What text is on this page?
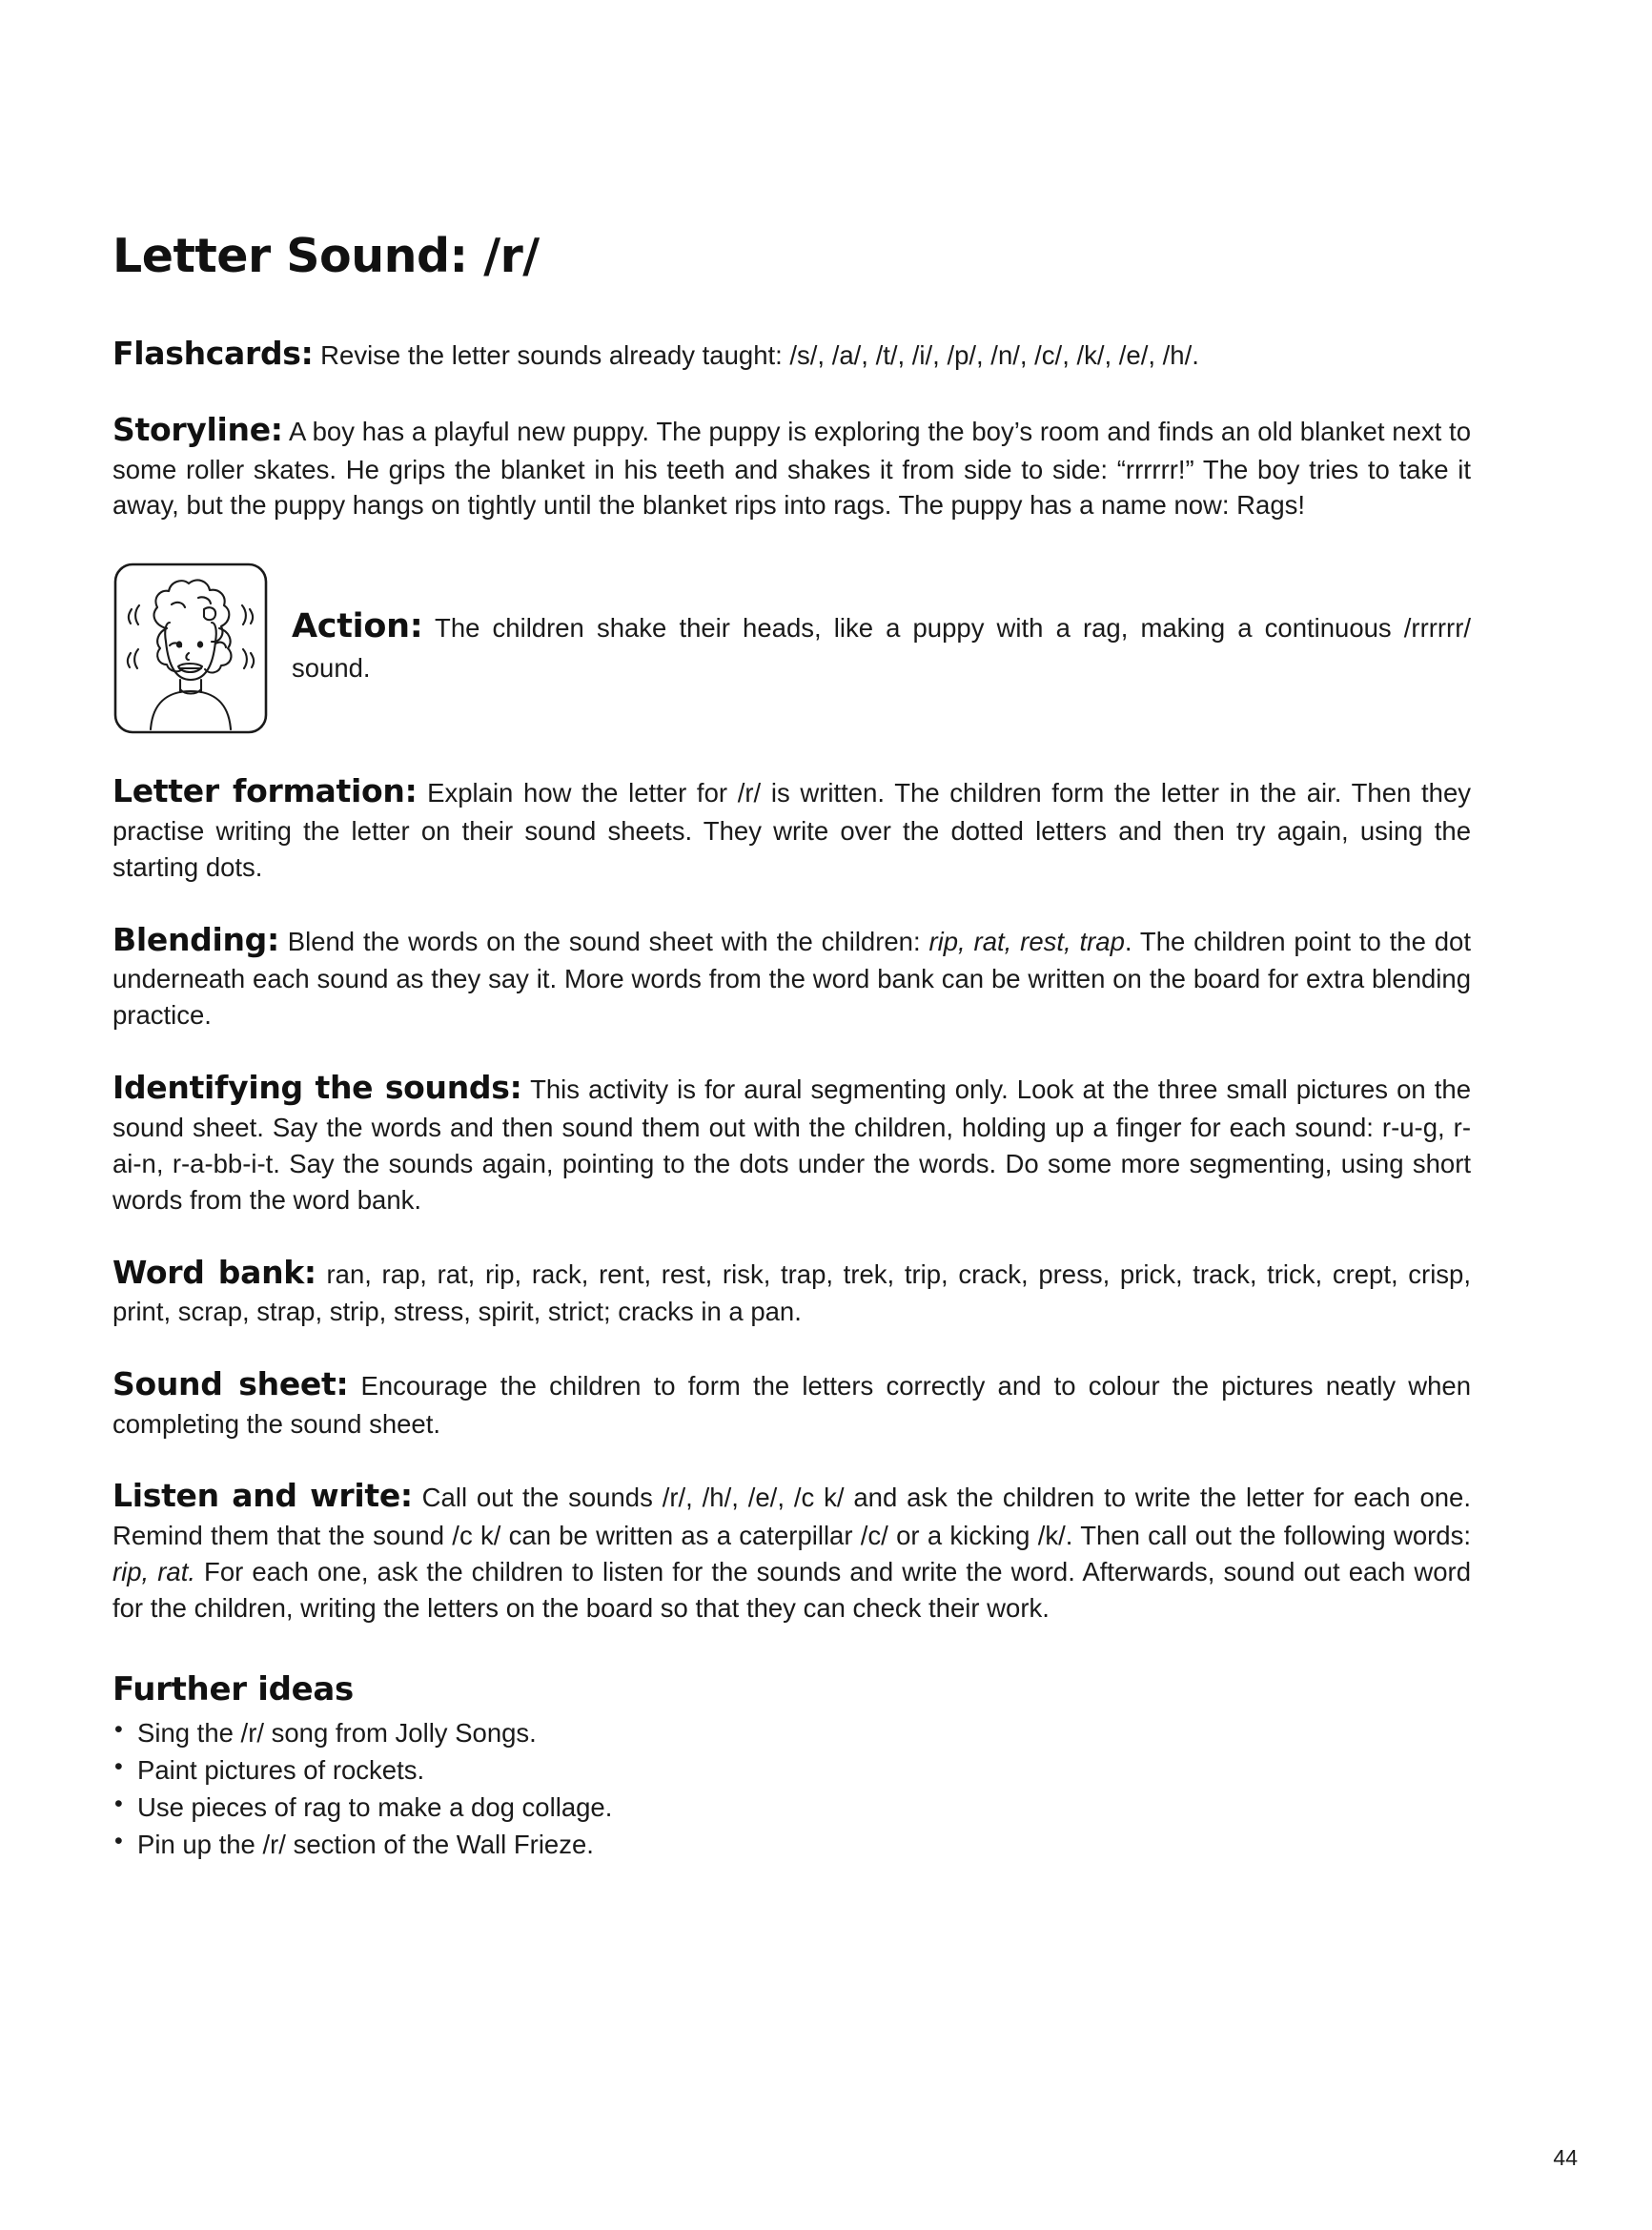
Letter Sound: /r/

Flashcards: Revise the letter sounds already taught: /s/, /a/, /t/, /i/, /p/, /n/, /c/, /k/, /e/, /h/.

Storyline: A boy has a playful new puppy. The puppy is exploring the boy’s room and finds an old blanket next to some roller skates. He grips the blanket in his teeth and shakes it from side to side: “rrrrrr!” The boy tries to take it away, but the puppy hangs on tightly until the blanket rips into rags. The puppy has a name now: Rags!

Action: The children shake their heads, like a puppy with a rag, making a continuous /rrrrrr/ sound.

Letter formation: Explain how the letter for /r/ is written. The children form the letter in the air. Then they practise writing the letter on their sound sheets. They write over the dotted letters and then try again, using the starting dots.

Blending: Blend the words on the sound sheet with the children: rip, rat, rest, trap. The children point to the dot underneath each sound as they say it. More words from the word bank can be written on the board for extra blending practice.

Identifying the sounds: This activity is for aural segmenting only. Look at the three small pictures on the sound sheet. Say the words and then sound them out with the children, holding up a finger for each sound: r-u-g, r-ai-n, r-a-bb-i-t. Say the sounds again, pointing to the dots under the words. Do some more segmenting, using short words from the word bank.

Word bank: ran, rap, rat, rip, rack, rent, rest, risk, trap, trek, trip, crack, press, prick, track, trick, crept, crisp, print, scrap, strap, strip, stress, spirit, strict; cracks in a pan.

Sound sheet: Encourage the children to form the letters correctly and to colour the pictures neatly when completing the sound sheet.

Listen and write: Call out the sounds /r/, /h/, /e/, /c k/ and ask the children to write the letter for each one. Remind them that the sound /c k/ can be written as a caterpillar /c/ or a kicking /k/. Then call out the following words: rip, rat. For each one, ask the children to listen for the sounds and write the word. Afterwards, sound out each word for the children, writing the letters on the board so that they can check their work.

Further ideas
• Sing the /r/ song from Jolly Songs.
• Paint pictures of rockets.
• Use pieces of rag to make a dog collage.
• Pin up the /r/ section of the Wall Frieze.
44
